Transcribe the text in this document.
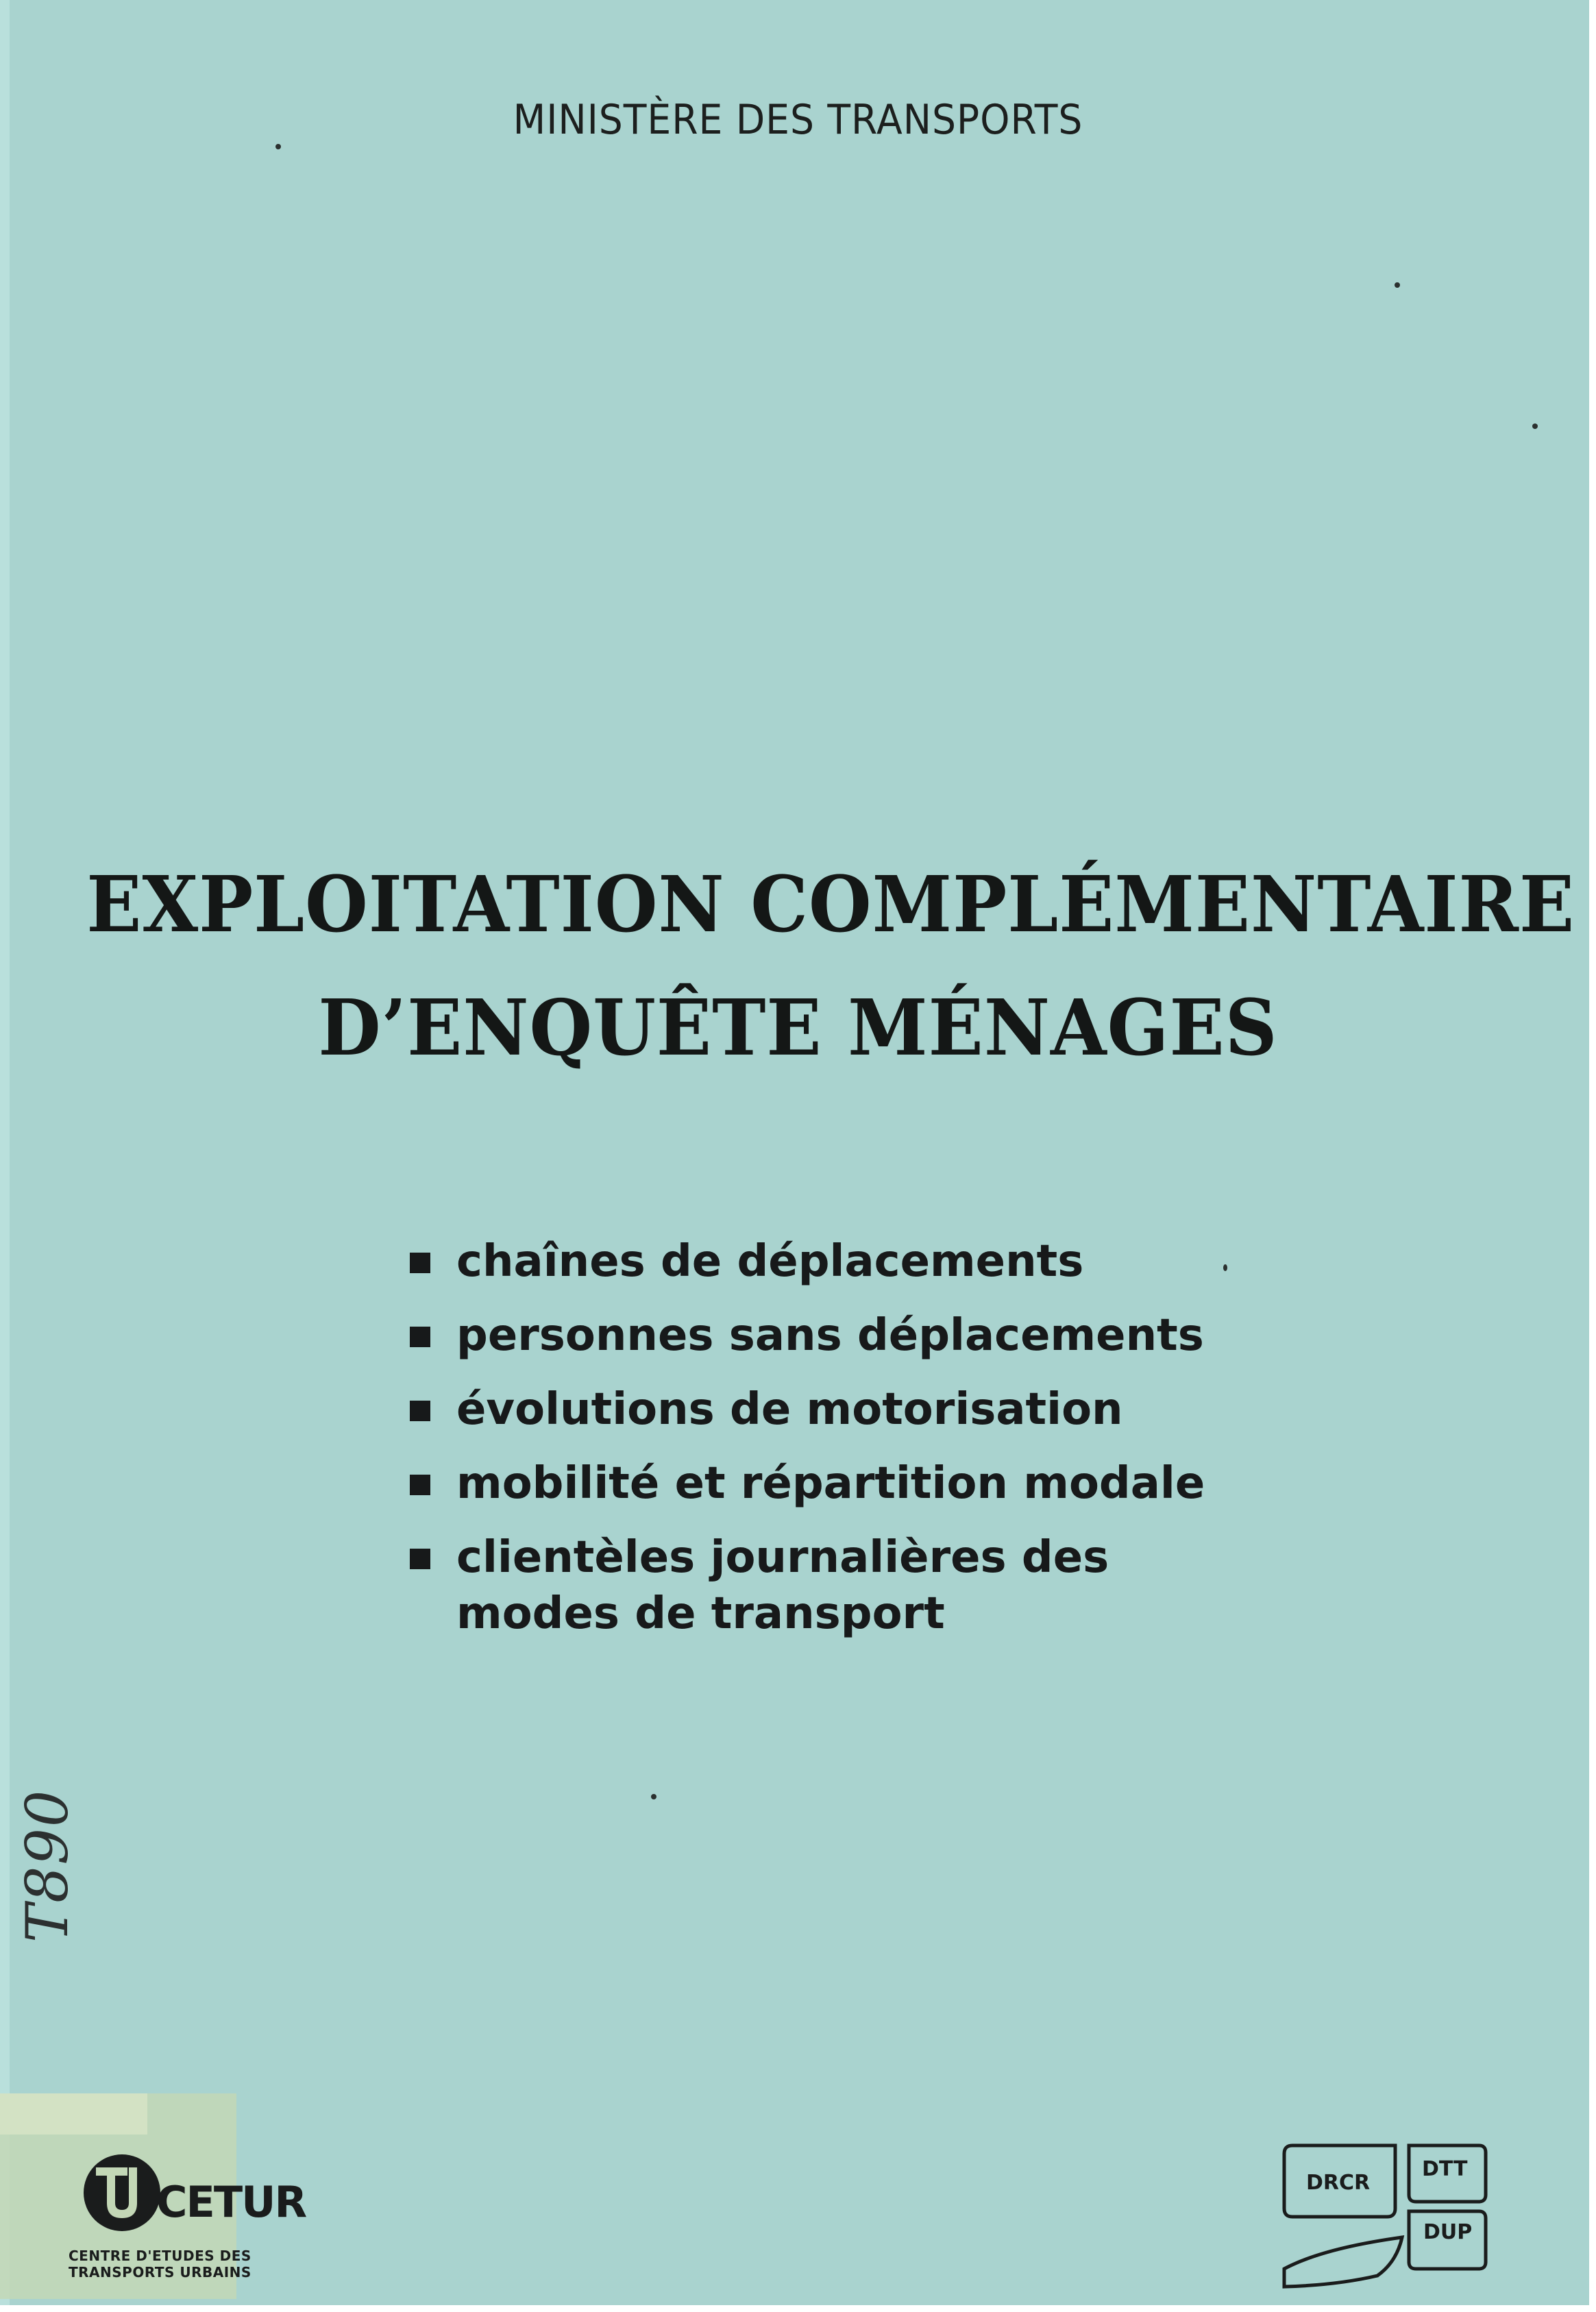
MINISTÈRE DES TRANSPORTS
EXPLOITATION COMPLÉMENTAIRE
D’ENQUÊTE MÉNAGES
chaînes de déplacements
personnes sans déplacements
évolutions de motorisation
mobilité et répartition modale
clientèles journalières des
modes de transport
T890
CETUR
CENTRE D'ETUDES DES
TRANSPORTS URBAINS
DRCR
DTT
DUP
